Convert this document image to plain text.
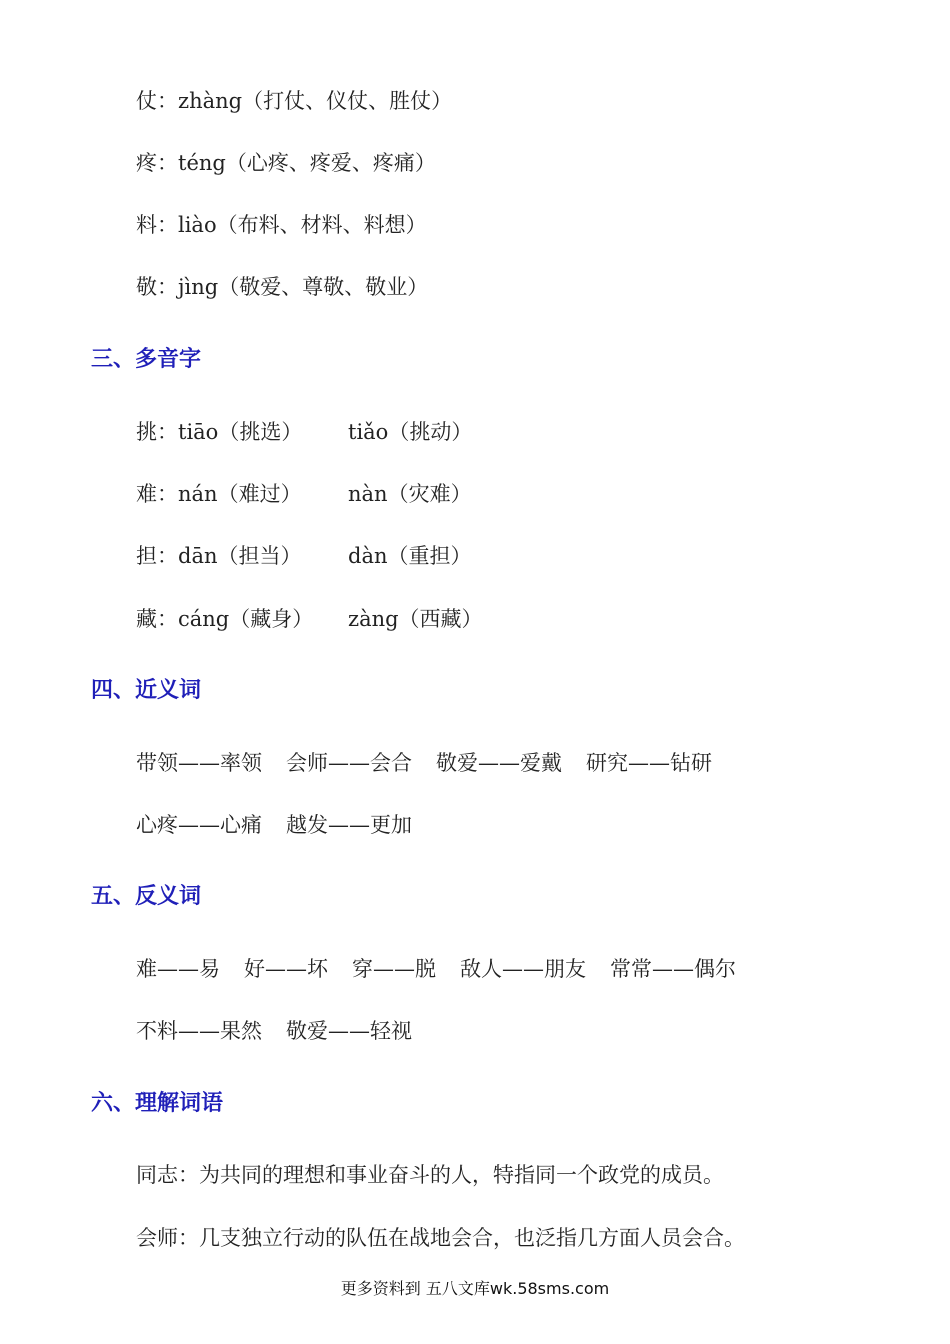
仗：zhàng（打仗、仪仗、胜仗）
疼：téng（心疼、疼爱、疼痛）
料：liào（布料、材料、料想）
敬：jìng（敬爱、尊敬、敬业）
三、多音字
挑：tiāo（挑选） tiǎo（挑动）
难：nán（难过） nàn（灾难）
担：dān（担当） dàn（重担）
藏：cáng（藏身） zàng（西藏）
四、近义词
带领——率领 会师——会合 敬爱——爱戴 研究——钻研
心疼——心痛 越发——更加
五、反义词
难——易 好——坏 穿——脱 敌人——朋友 常常——偶尔
不料——果然 敬爱——轻视
六、理解词语
同志：为共同的理想和事业奋斗的人，特指同一个政党的成员。
会师：几支独立行动的队伍在战地会合，也泛指几方面人员会合。
更多资料到 五八文库wk.58sms.com
